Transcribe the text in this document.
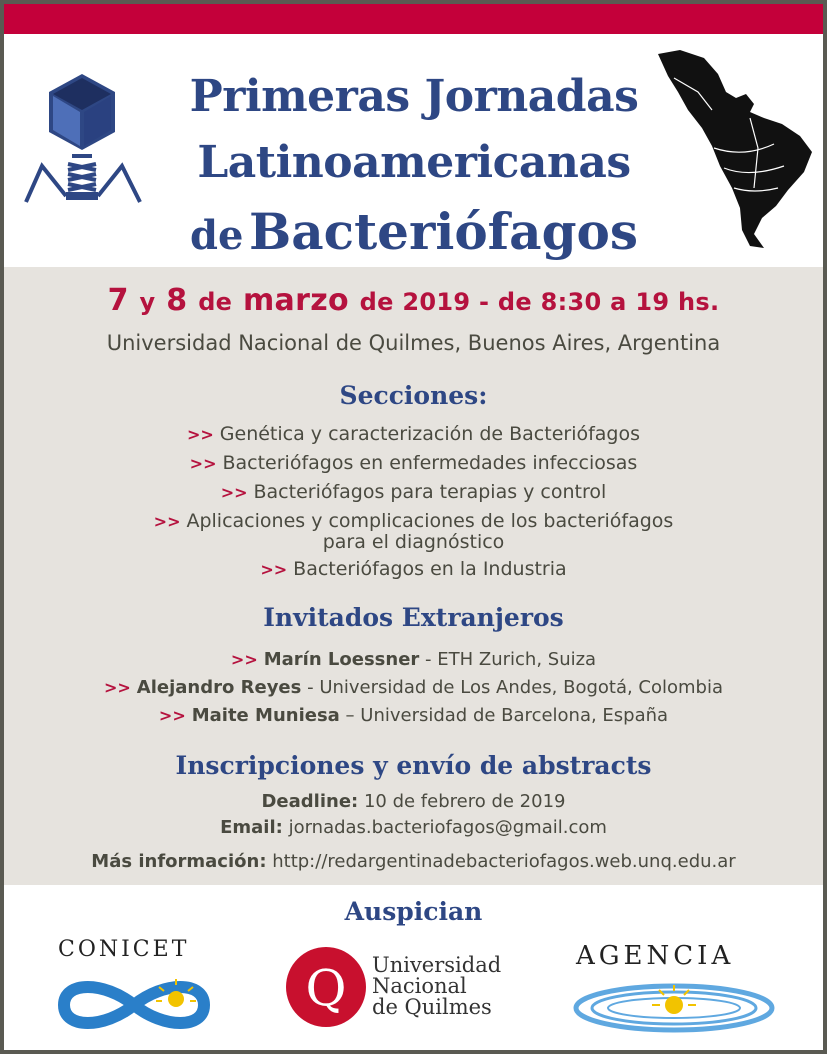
Primeras Jornadas
Latinoamericanas
de Bacteriófagos
7 y 8 de marzo de 2019 - de 8:30 a 19 hs.
Universidad Nacional de Quilmes, Buenos Aires, Argentina
Secciones:
>> Genética y caracterización de Bacteriófagos
>> Bacteriófagos en enfermedades infecciosas
>> Bacteriófagos para terapias y control
>> Aplicaciones y complicaciones de los bacteriófagos
para el diagnóstico
>> Bacteriófagos en la Industria
Invitados Extranjeros
>> Marín Loessner - ETH Zurich, Suiza
>> Alejandro Reyes - Universidad de Los Andes, Bogotá, Colombia
>> Maite Muniesa – Universidad de Barcelona, España
Inscripciones y envío de abstracts
Deadline: 10 de febrero de 2019
Email: jornadas.bacteriofagos@gmail.com
Más información: http://redargentinadebacteriofagos.web.unq.edu.ar
Auspician
CONICET
Q Universidad
Nacional
de Quilmes
AGENCIA
